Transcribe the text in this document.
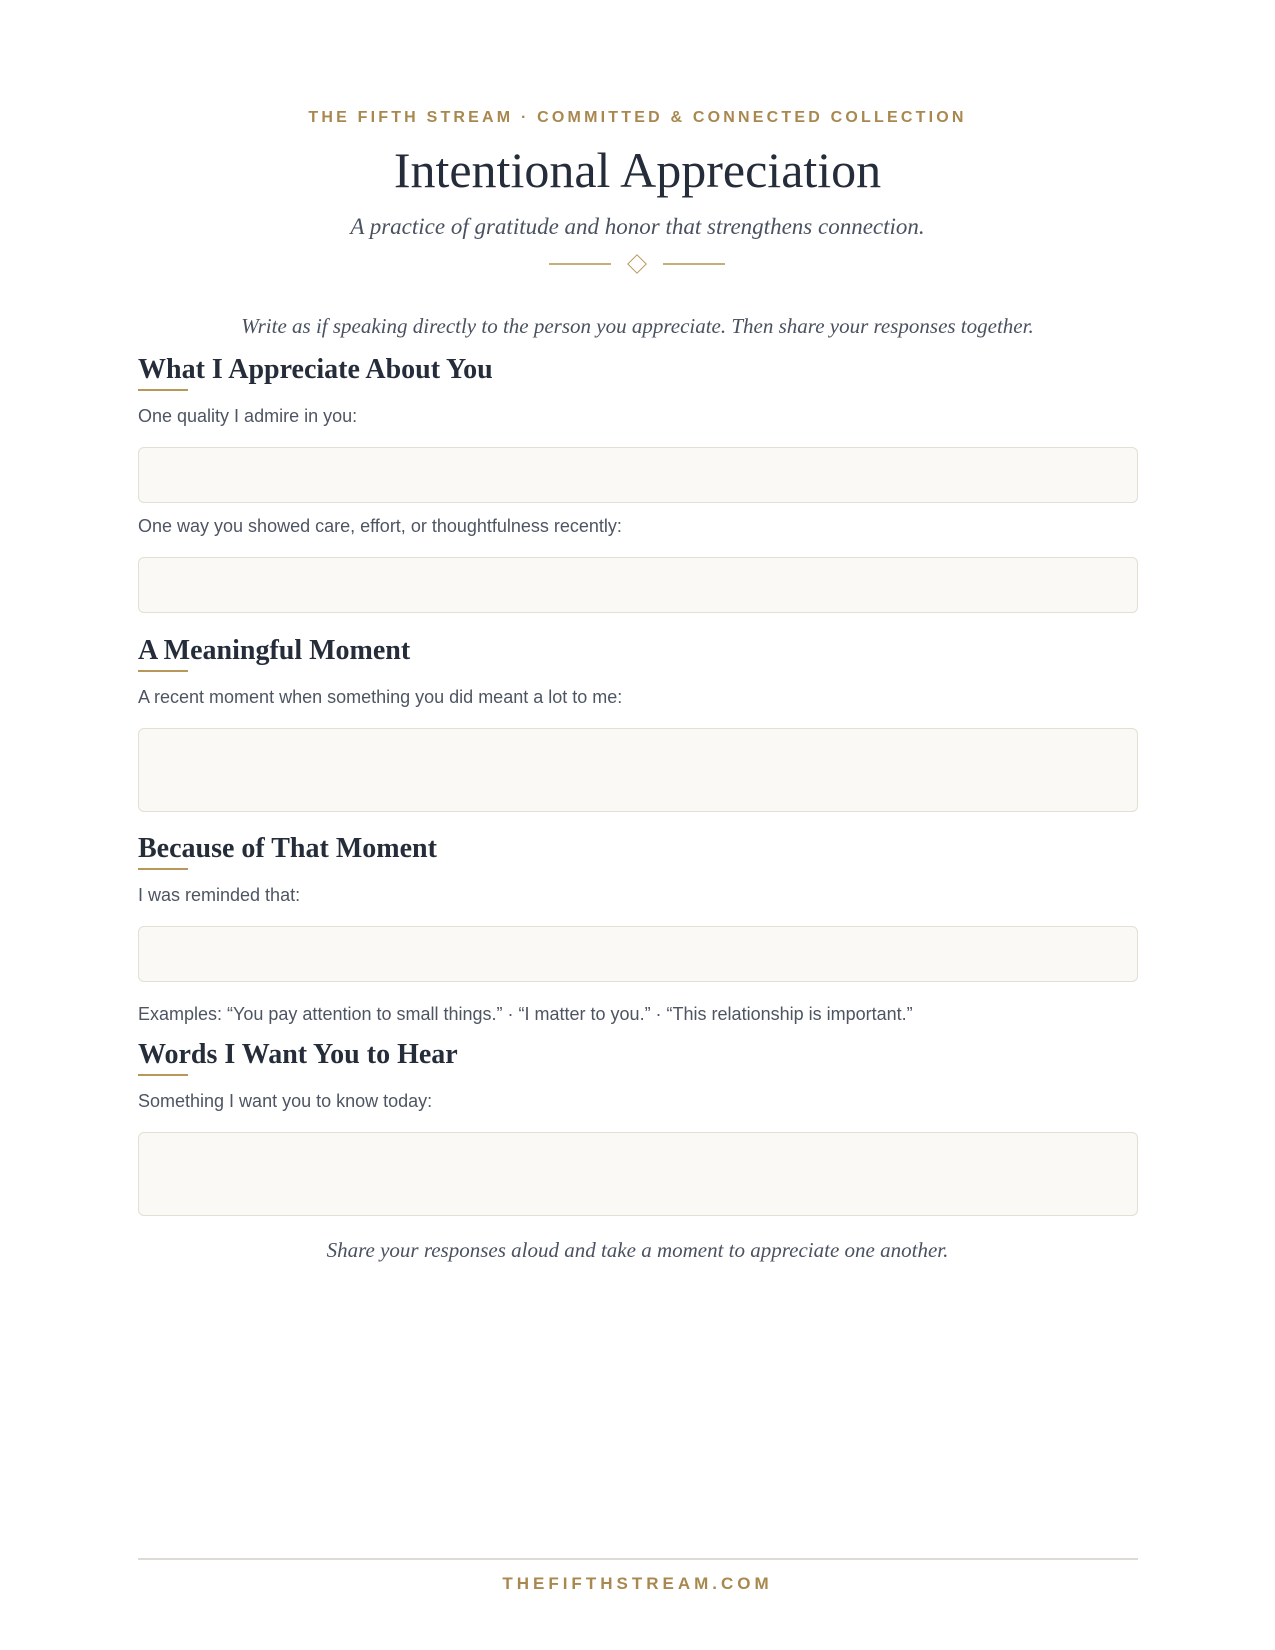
THE FIFTH STREAM · COMMITTED & CONNECTED COLLECTION
Intentional Appreciation
A practice of gratitude and honor that strengthens connection.
Write as if speaking directly to the person you appreciate. Then share your responses together.
What I Appreciate About You
One quality I admire in you:
One way you showed care, effort, or thoughtfulness recently:
A Meaningful Moment
A recent moment when something you did meant a lot to me:
Because of That Moment
I was reminded that:
Examples: “You pay attention to small things.” · “I matter to you.” · “This relationship is important.”
Words I Want You to Hear
Something I want you to know today:
Share your responses aloud and take a moment to appreciate one another.
THEFIFTHSTREAM.COM
